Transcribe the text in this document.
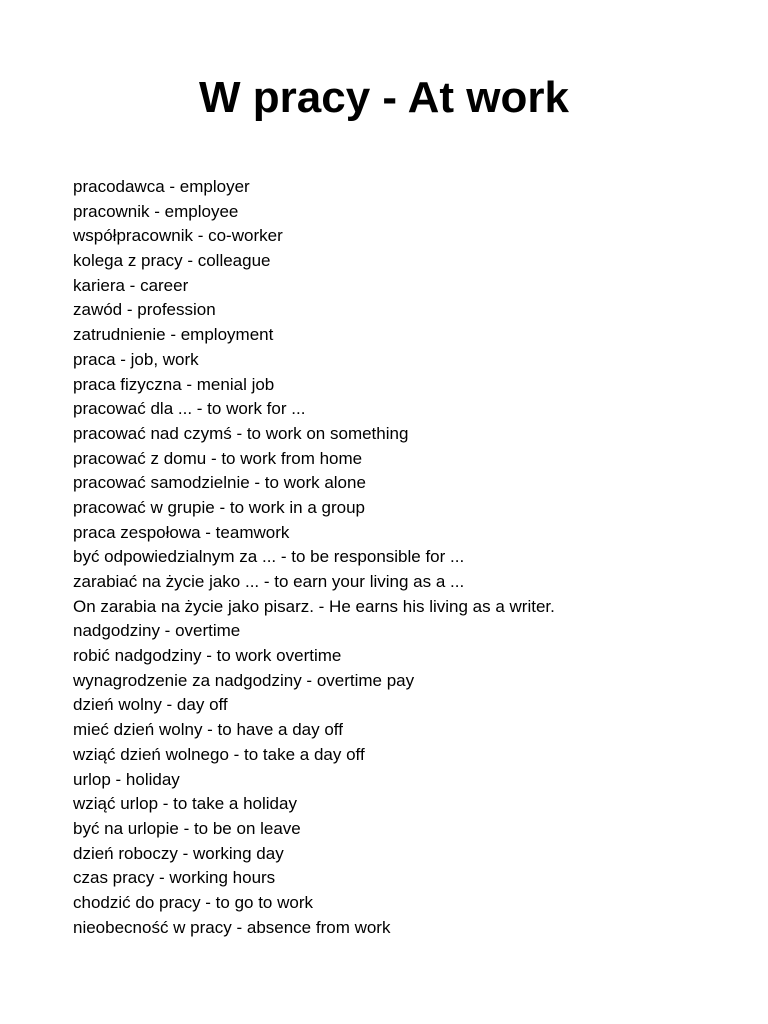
W pracy - At work
pracodawca - employer
pracownik - employee
współpracownik - co-worker
kolega z pracy - colleague
kariera - career
zawód - profession
zatrudnienie - employment
praca - job, work
praca fizyczna - menial job
pracować dla ... - to work for ...
pracować nad czymś - to work on something
pracować z domu - to work from home
pracować samodzielnie - to work alone
pracować w grupie - to work in a group
praca zespołowa - teamwork
być odpowiedzialnym za ... - to be responsible for ...
zarabiać na życie jako ... - to earn your living as a ...
On zarabia na życie jako pisarz. - He earns his living as a writer.
nadgodziny - overtime
robić nadgodziny - to work overtime
wynagrodzenie za nadgodziny - overtime pay
dzień wolny - day off
mieć dzień wolny - to have a day off
wziąć dzień wolnego - to take a day off
urlop - holiday
wziąć urlop - to take a holiday
być na urlopie - to be on leave
dzień roboczy - working day
czas pracy - working hours
chodzić do pracy - to go to work
nieobecność w pracy - absence from work
